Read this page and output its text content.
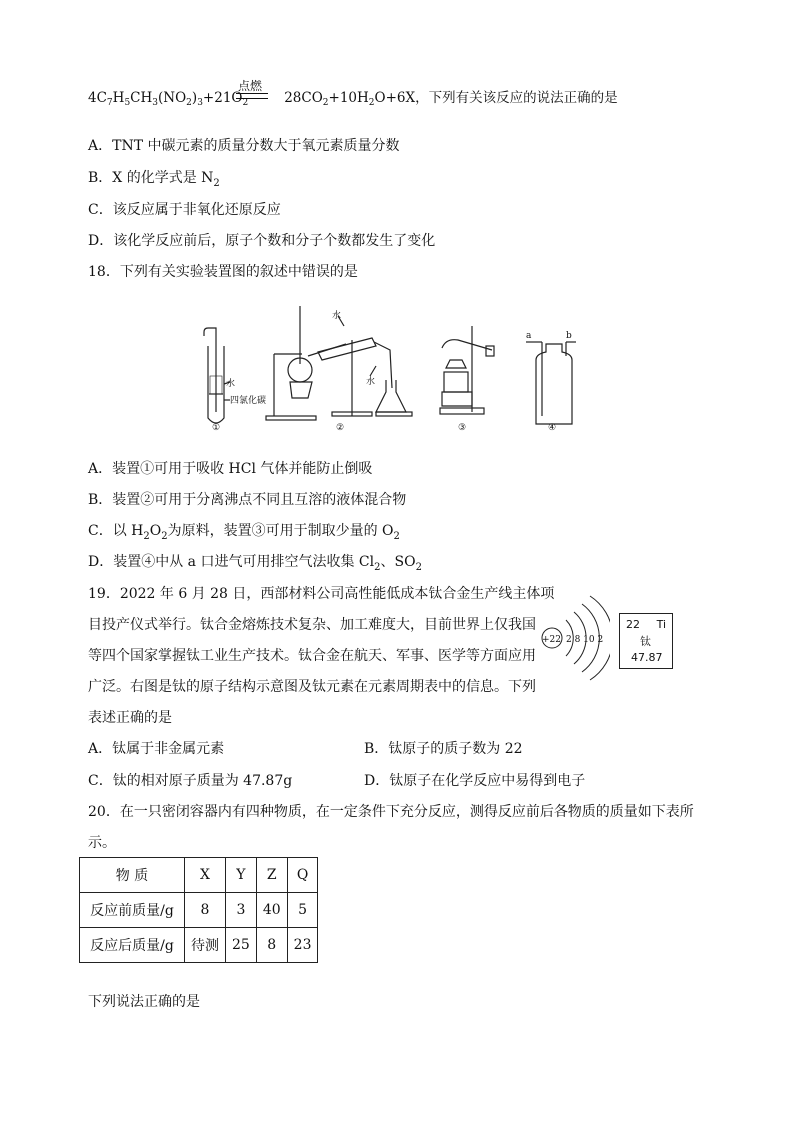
点燃
$4C_7H_5CH_3(NO_2)_3+21O_2$	$28CO_2+10H_2O+6X$，下列有关该反应的说法正确的是
A．TNT 中碳元素的质量分数大于氧元素质量分数
B．X 的化学式是 $N_2$
C．该反应属于非氧化还原反应
D．该化学反应前后，原子个数和分子个数都发生了变化
18．下列有关实验装置图的叙述中错误的是
水
四氯化碳
水
水
a	b
①	②	③	④
A．装置①可用于吸收 HCl 气体并能防止倒吸
B．装置②可用于分离沸点不同且互溶的液体混合物
C．以 $H_2O_2$为原料，装置③可用于制取少量的 $O_2$
D．装置④中从 a 口进气可用排空气法收集 $Cl_2$、$SO_2$
19．2022 年 6 月 28 日，西部材料公司高性能低成本钛合金生产线主体项
目投产仪式举行。钛合金熔炼技术复杂、加工难度大，目前世界上仅我国
等四个国家掌握钛工业生产技术。钛合金在航天、军事、医学等方面应用
广泛。右图是钛的原子结构示意图及钛元素在元素周期表中的信息。下列
表述正确的是
+22 2 8 10 2
22 Ti
钛
47.87
A．钛属于非金属元素	B．钛原子的质子数为 22
C．钛的相对原子质量为 47.87g	D．钛原子在化学反应中易得到电子
20．在一只密闭容器内有四种物质，在一定条件下充分反应，测得反应前后各物质的质量如下表所
示。
物 质	X	Y	Z	Q
反应前质量/g	8	3	40	5
反应后质量/g	待测	25	8	23
下列说法正确的是
